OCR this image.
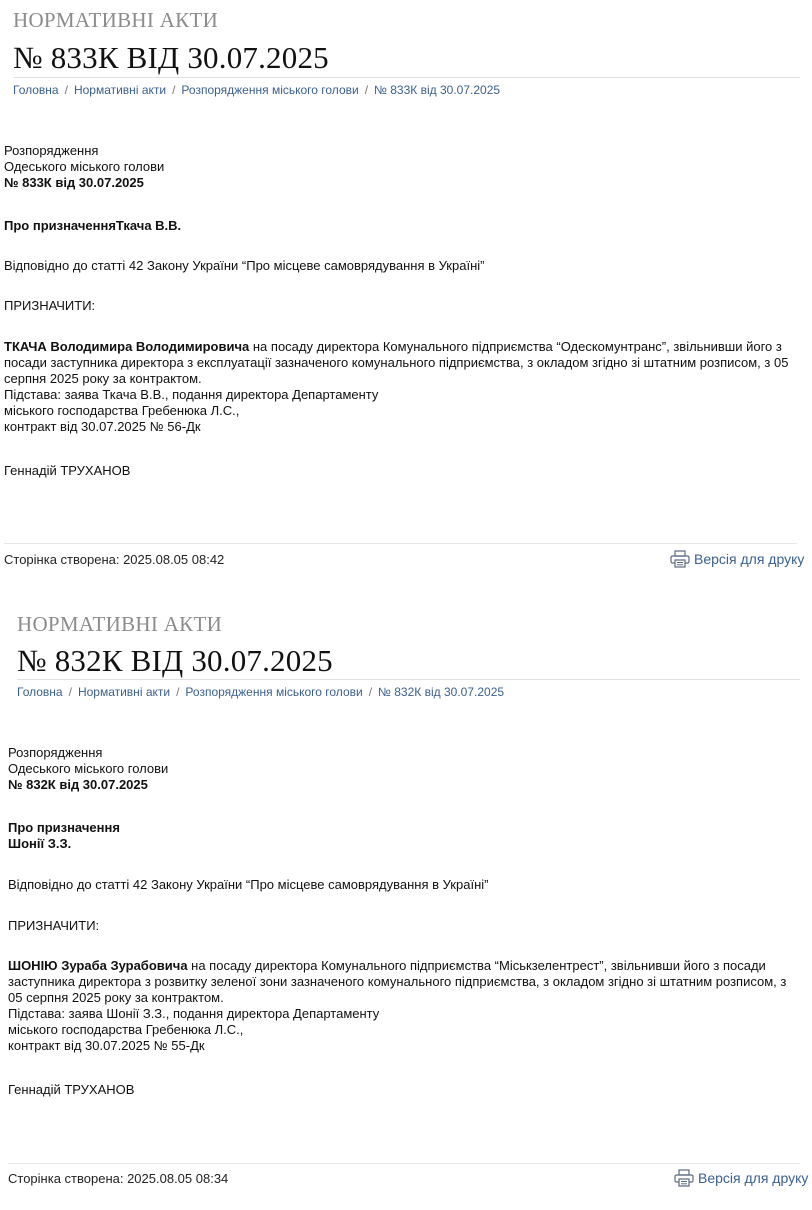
НОРМАТИВНІ АКТИ
№ 833К ВІД 30.07.2025
Головна / Нормативні акти / Розпорядження міського голови / № 833К від 30.07.2025

Розпорядження

Одеського міського голови

№ 833К від 30.07.2025

Про призначенняТкача В.В.

Відповідно до статті 42 Закону України “Про місцеве самоврядування в Україні”
ПРИЗНАЧИТИ:

ТКАЧА Володимира Володимировича на посаду директора Комунального підприємства “Одескомунтранс”, звільнивши його з посади заступника директора з експлуатації зазначеного комунального підприємства, з окладом згідно зі штатним розписом, з 05 серпня 2025 року за контрактом.

Підстава: заява Ткача В.В., подання директора Департаменту

міського господарства Гребенюка Л.С.,

контракт від 30.07.2025 № 56-Дк

Геннадій ТРУХАНОВ
Сторінка створена: 2025.08.05 08:42	Версія для друку
НОРМАТИВНІ АКТИ
№ 832К ВІД 30.07.2025
Головна / Нормативні акти / Розпорядження міського голови / № 832К від 30.07.2025

Розпорядження

Одеського міського голови

№ 832К від 30.07.2025

Про призначення

Шонії З.З.

Відповідно до статті 42 Закону України “Про місцеве самоврядування в Україні”
ПРИЗНАЧИТИ:

ШОНІЮ Зураба Зурабовича на посаду директора Комунального підприємства “Міськзелентрест”, звільнивши його з посади заступника директора з розвитку зеленої зони зазначеного комунального підприємства, з окладом згідно зі штатним розписом, з 05 серпня 2025 року за контрактом.

Підстава: заява Шонії З.З., подання директора Департаменту

міського господарства Гребенюка Л.С.,

контракт від 30.07.2025 № 55-Дк

Геннадій ТРУХАНОВ
Сторінка створена: 2025.08.05 08:34	Версія для друку
